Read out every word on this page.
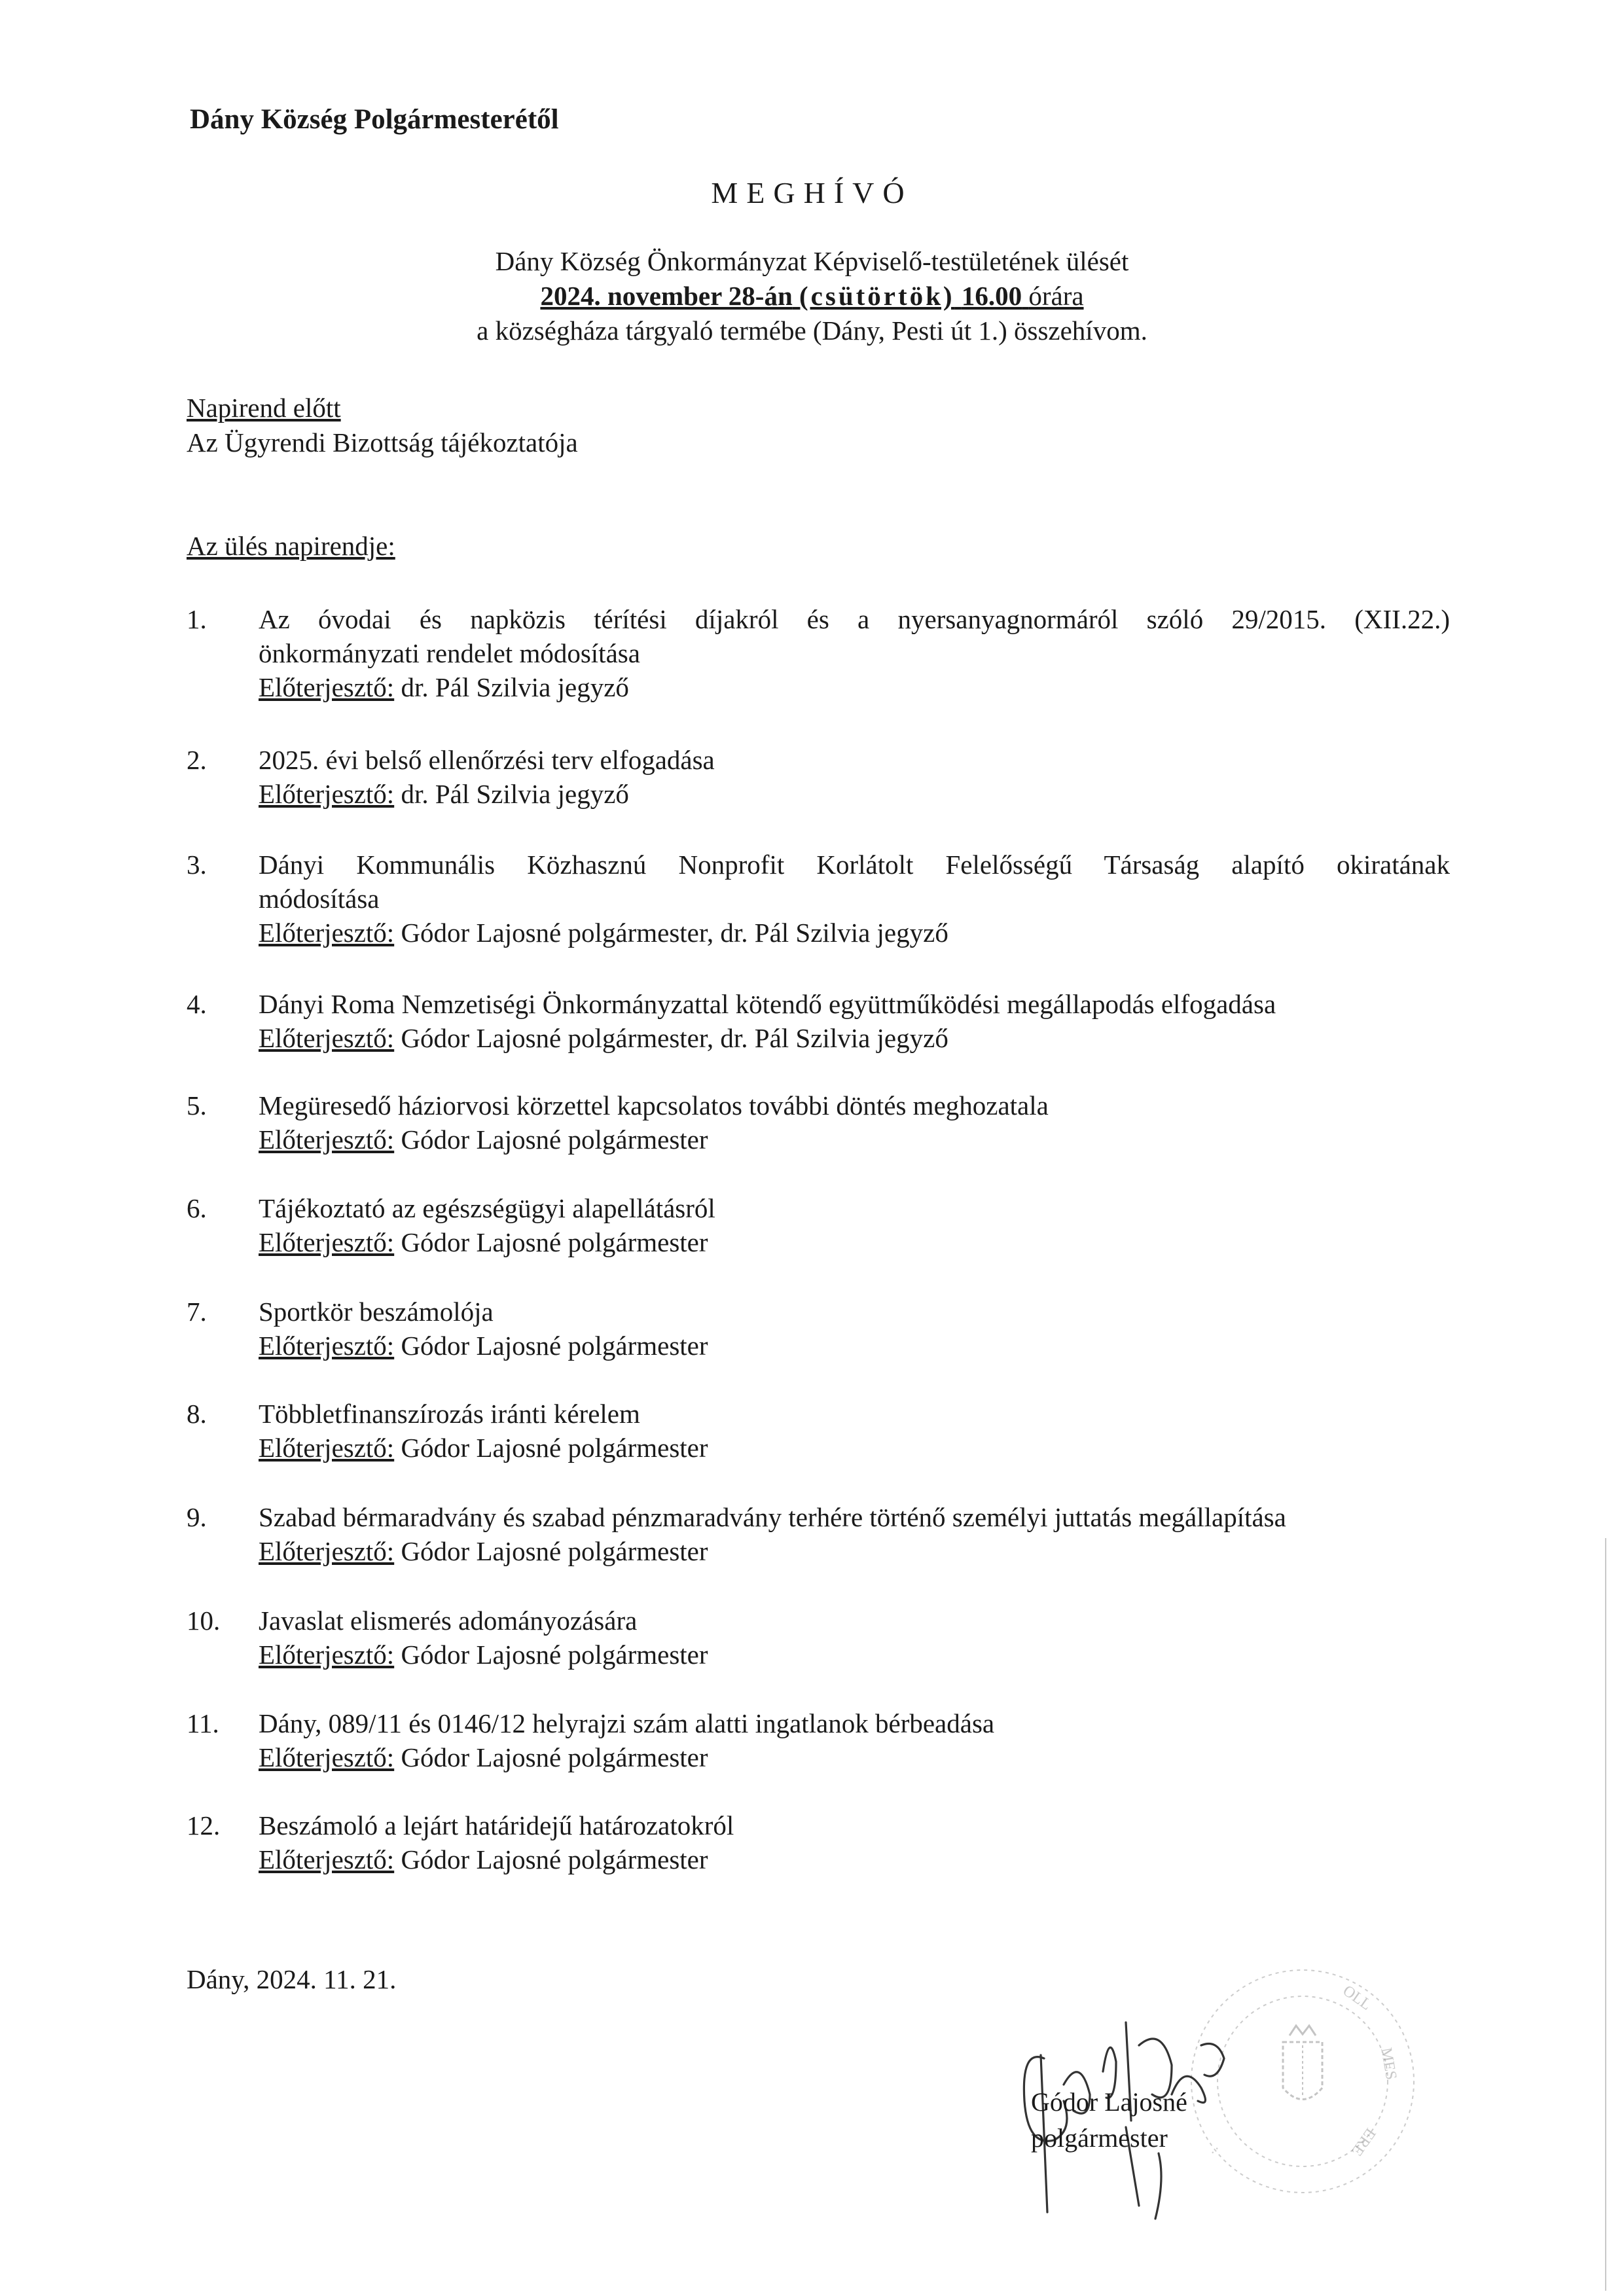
Dány Község Polgármesterétől
MEGHÍVÓ
Dány Község Önkormányzat Képviselő-testületének ülését
2024. november 28-án (csütörtök) 16.00 órára
a községháza tárgyaló termébe (Dány, Pesti út 1.) összehívom.
Napirend előtt
Az Ügyrendi Bizottság tájékoztatója
Az ülés napirendje:
1. Az óvodai és napközis térítési díjakról és a nyersanyagnormáról szóló 29/2015. (XII.22.)
önkormányzati rendelet módosítása
Előterjesztő: dr. Pál Szilvia jegyző
2. 2025. évi belső ellenőrzési terv elfogadása
Előterjesztő: dr. Pál Szilvia jegyző
3. Dányi Kommunális Közhasznú Nonprofit Korlátolt Felelősségű Társaság alapító okiratának
módosítása
Előterjesztő: Gódor Lajosné polgármester, dr. Pál Szilvia jegyző
4. Dányi Roma Nemzetiségi Önkormányzattal kötendő együttműködési megállapodás elfogadása
Előterjesztő: Gódor Lajosné polgármester, dr. Pál Szilvia jegyző
5. Megüresedő háziorvosi körzettel kapcsolatos további döntés meghozatala
Előterjesztő: Gódor Lajosné polgármester
6. Tájékoztató az egészségügyi alapellátásról
Előterjesztő: Gódor Lajosné polgármester
7. Sportkör beszámolója
Előterjesztő: Gódor Lajosné polgármester
8. Többletfinanszírozás iránti kérelem
Előterjesztő: Gódor Lajosné polgármester
9. Szabad bérmaradvány és szabad pénzmaradvány terhére történő személyi juttatás megállapítása
Előterjesztő: Gódor Lajosné polgármester
10. Javaslat elismerés adományozására
Előterjesztő: Gódor Lajosné polgármester
11. Dány, 089/11 és 0146/12 helyrajzi szám alatti ingatlanok bérbeadása
Előterjesztő: Gódor Lajosné polgármester
12. Beszámoló a lejárt határidejű határozatokról
Előterjesztő: Gódor Lajosné polgármester
Dány, 2024. 11. 21.
OLL
MES
ERE
.·
Gódor Lajosné
polgármester
